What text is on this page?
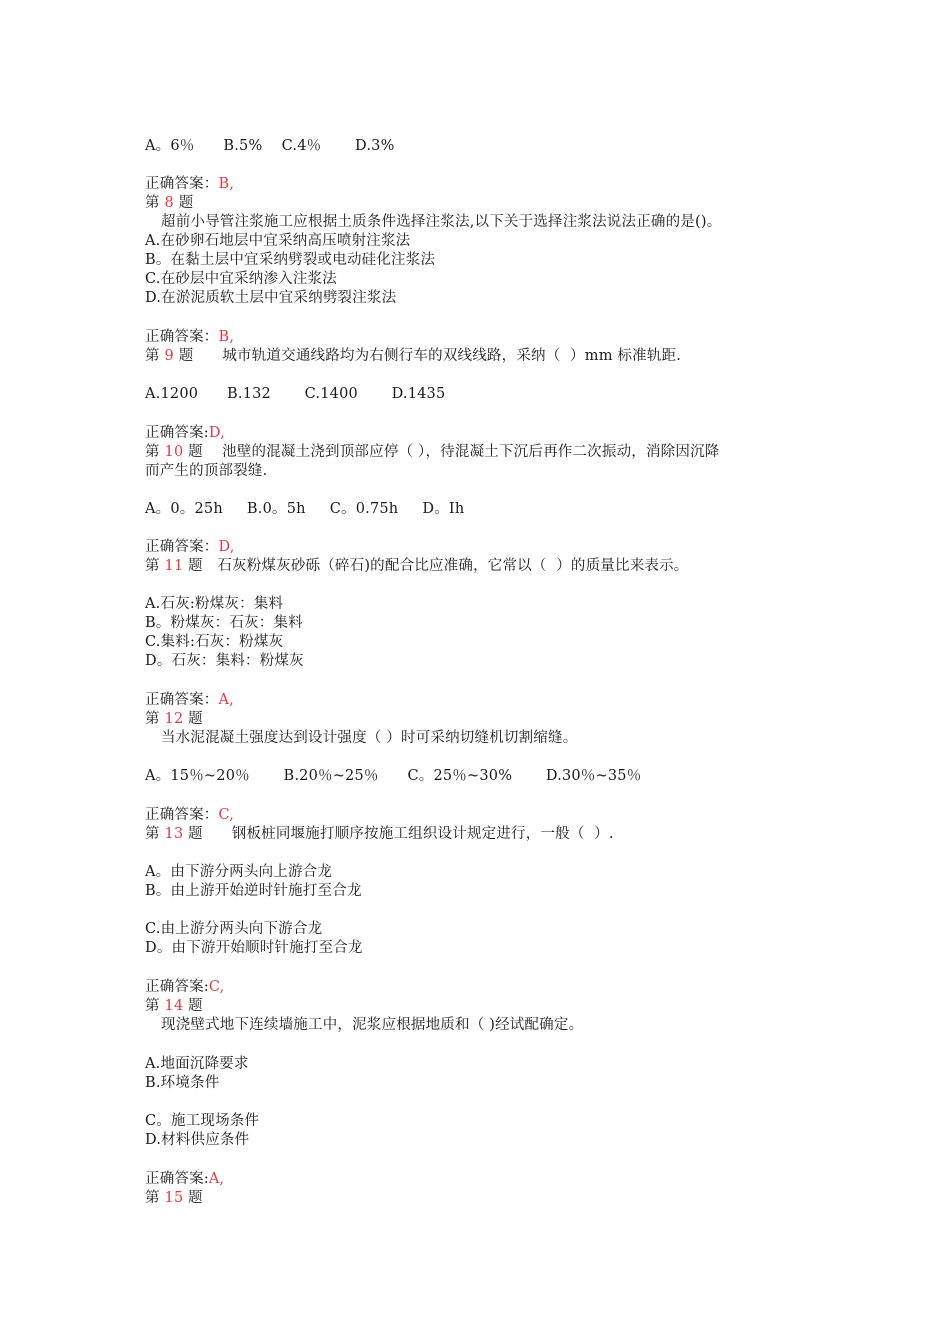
A。6％      B.5%    C.4％       D.3%
正确答案：B,
第 8 题
超前小导管注浆施工应根据土质条件选择注浆法,以下关于选择注浆法说法正确的是()。
A.在砂卵石地层中宜采纳高压喷射注浆法
B。在黏土层中宜采纳劈裂或电动硅化注浆法
C.在砂层中宜采纳渗入注浆法
D.在淤泥质软土层中宜采纳劈裂注浆法
正确答案：B,
第 9 题      城市轨道交通线路均为右侧行车的双线线路，采纳（  ）mm 标准轨距.
A.1200      B.132       C.1400       D.1435
正确答案:D,
第 10 题    池壁的混凝土浇到顶部应停（ ），待混凝土下沉后再作二次振动，消除因沉降
而产生的顶部裂缝.
A。0。25h     B.0。5h     C。0.75h     D。Ih
正确答案：D,
第 11 题   石灰粉煤灰砂砾（碎石)的配合比应准确，它常以（  ）的质量比来表示。
A.石灰:粉煤灰：集料
B。粉煤灰：石灰：集料
C.集料:石灰：粉煤灰
D。石灰：集料：粉煤灰
正确答案：A,
第 12 题
当水泥混凝土强度达到设计强度（ ）时可采纳切缝机切割缩缝。
A。15％~20％       B.20％~25％      C。25％~30%       D.30％~35％
正确答案：C,
第 13 题      钢板桩同堰施打顺序按施工组织设计规定进行，一般（  ）.
A。由下游分两头向上游合龙
B。由上游开始逆时针施打至合龙
C.由上游分两头向下游合龙
D。由下游开始顺时针施打至合龙
正确答案:C,
第 14 题
现浇壁式地下连续墙施工中，泥浆应根据地质和（ )经试配确定。
A.地面沉降要求
B.环境条件
C。施工现场条件
D.材料供应条件
正确答案:A,
第 15 题
